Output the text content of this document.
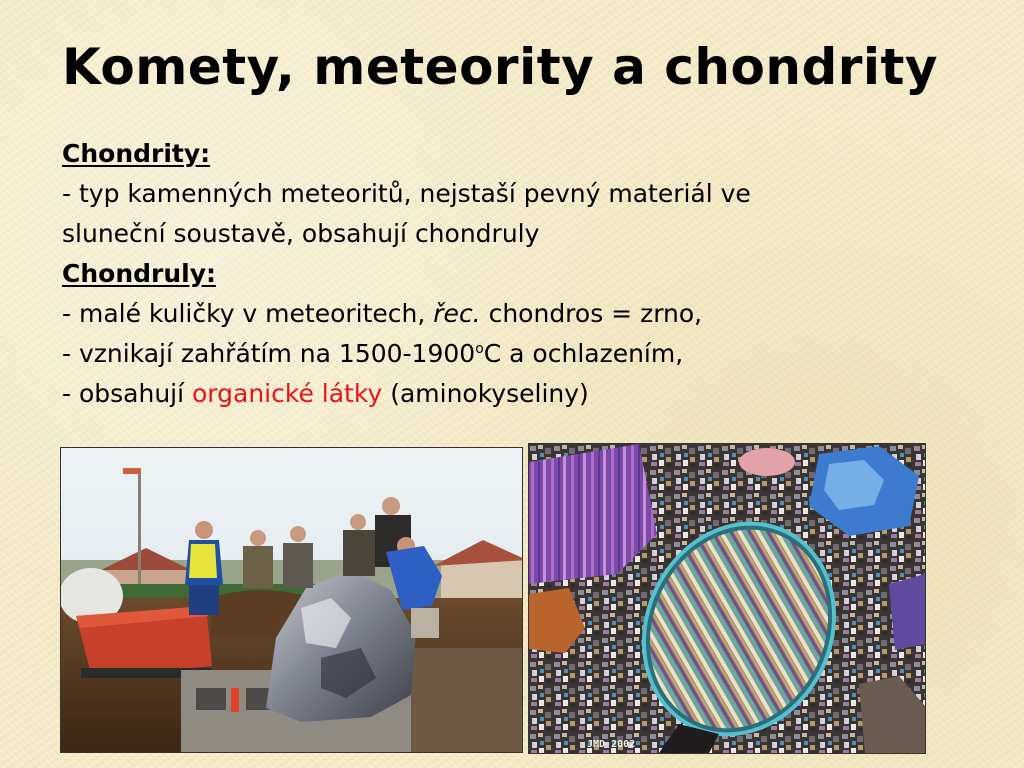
Komety, meteority a chondrity
Chondrity:
- typ kamenných meteoritů, nejstaší pevný materiál ve
sluneční soustavě, obsahují chondruly
Chondruly:
- malé kuličky v meteoritech, řec. chondros = zrno,
- vznikají zahřátím na 1500-1900$^o$C a ochlazením,
- obsahují organické látky (aminokyseliny)
JMD 2002
